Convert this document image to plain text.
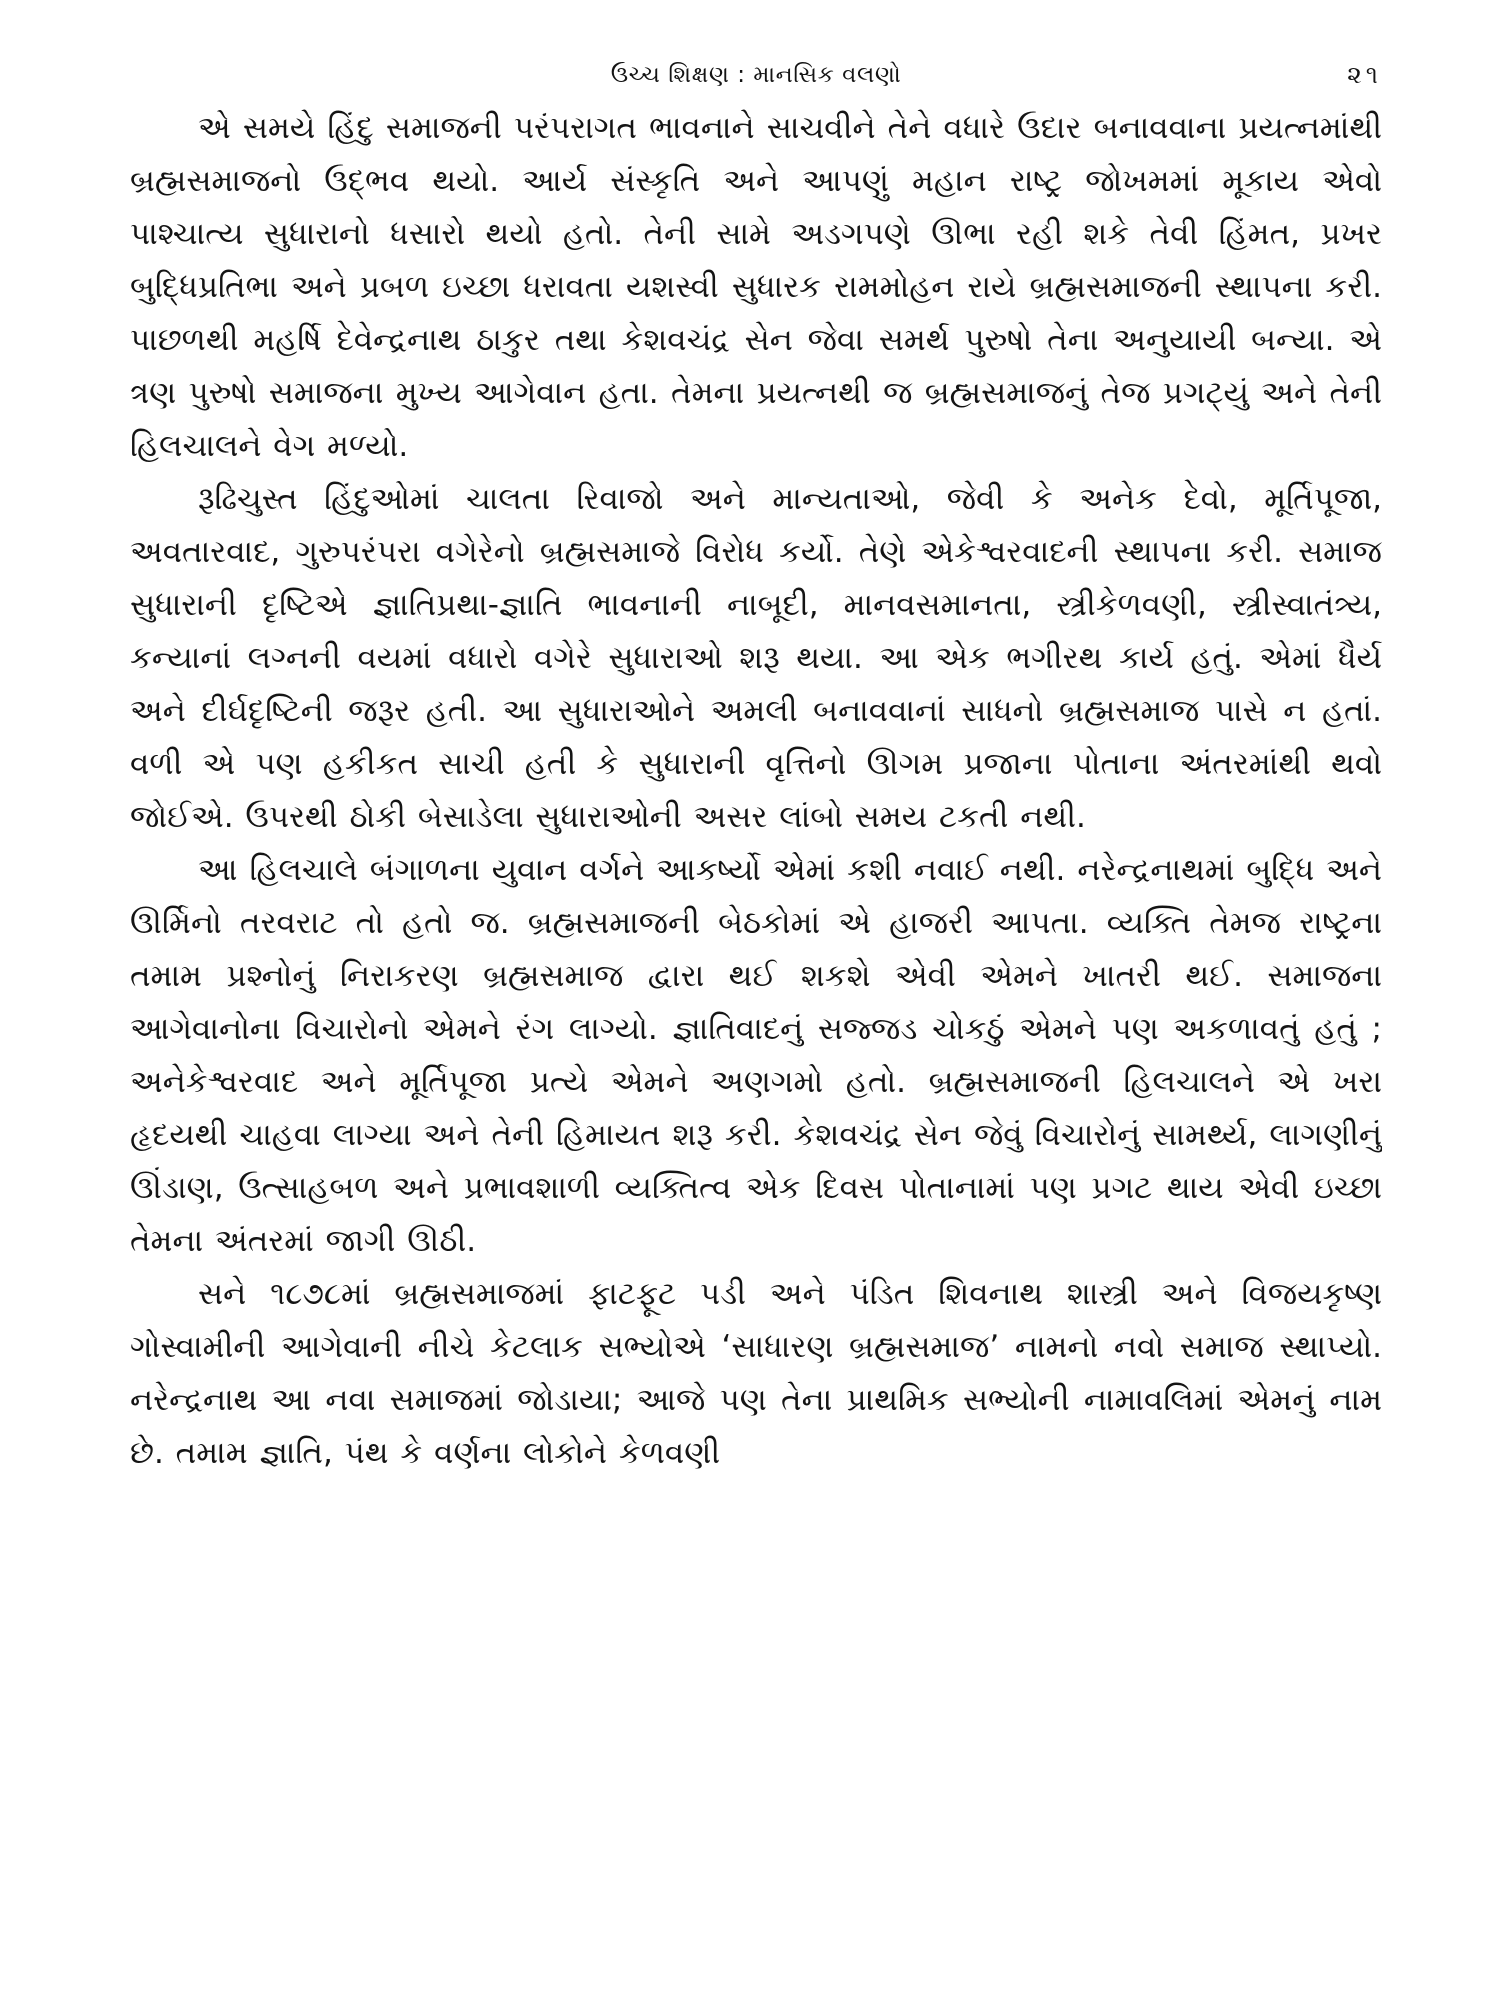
ઉચ્ચ શિક્ષણ : માનસિક વલણો	૨૧

એ સમયે હિંદુ સમાજની પરંપરાગત ભાવનાને સાચવીને તેને વધારે ઉદાર બનાવવાના પ્રયત્નમાંથી બ્રહ્મસમાજનો ઉદ્ભવ થયો. આર્ય સંસ્કૃતિ અને આપણું મહાન રાષ્ટ્ર જોખમમાં મૂકાય એવો પાશ્ચાત્ય સુધારાનો ધસારો થયો હતો. તેની સામે અડગપણે ઊભા રહી શકે તેવી હિંમત, પ્રખર બુદ્ધિપ્રતિભા અને પ્રબળ ઇચ્છા ધરાવતા યશસ્વી સુધારક રામમોહન રાયે બ્રહ્મસમાજની સ્થાપના કરી. પાછળથી મહર્ષિ દેવેન્દ્રનાથ ઠાકુર તથા કેશવચંદ્ર સેન જેવા સમર્થ પુરુષો તેના અનુયાયી બન્યા. એ ત્રણ પુરુષો સમાજના મુખ્ય આગેવાન હતા. તેમના પ્રયત્નથી જ બ્રહ્મસમાજનું તેજ પ્રગટ્યું અને તેની હિલચાલને વેગ મળ્યો.

રૂઢિચુસ્ત હિંદુઓમાં ચાલતા રિવાજો અને માન્યતાઓ, જેવી કે અનેક દેવો, મૂર્તિપૂજા, અવતારવાદ, ગુરુપરંપરા વગેરેનો બ્રહ્મસમાજે વિરોધ કર્યો. તેણે એકેશ્વરવાદની સ્થાપના કરી. સમાજ સુધારાની દૃષ્ટિએ જ્ઞાતિપ્રથા-જ્ઞાતિ ભાવનાની નાબૂદી, માનવસમાનતા, સ્ત્રીકેળવણી, સ્ત્રીસ્વાતંત્ર્ય, કન્યાનાં લગ્નની વયમાં વધારો વગેરે સુધારાઓ શરૂ થયા. આ એક ભગીરથ કાર્ય હતું. એમાં ધૈર્ય અને દીર્ઘદૃષ્ટિની જરૂર હતી. આ સુધારાઓને અમલી બનાવવાનાં સાધનો બ્રહ્મસમાજ પાસે ન હતાં. વળી એ પણ હકીકત સાચી હતી કે સુધારાની વૃત્તિનો ઊગમ પ્રજાના પોતાના અંતરમાંથી થવો જોઈએ. ઉપરથી ઠોકી બેસાડેલા સુધારાઓની અસર લાંબો સમય ટકતી નથી.

આ હિલચાલે બંગાળના યુવાન વર્ગને આકર્ષ્યો એમાં કશી નવાઈ નથી. નરેન્દ્રનાથમાં બુદ્ધિ અને ઊર્મિનો તરવરાટ તો હતો જ. બ્રહ્મસમાજની બેઠકોમાં એ હાજરી આપતા. વ્યક્તિ તેમજ રાષ્ટ્રના તમામ પ્રશ્નોનું નિરાકરણ બ્રહ્મસમાજ દ્વારા થઈ શકશે એવી એમને ખાતરી થઈ. સમાજના આગેવાનોના વિચારોનો એમને રંગ લાગ્યો. જ્ઞાતિવાદનું સજ્જડ ચોકઠું એમને પણ અકળાવતું હતું ; અનેકેશ્વરવાદ અને મૂર્તિપૂજા પ્રત્યે એમને અણગમો હતો. બ્રહ્મસમાજની હિલચાલને એ ખરા હૃદયથી ચાહવા લાગ્યા અને તેની હિમાયત શરૂ કરી. કેશવચંદ્ર સેન જેવું વિચારોનું સામર્થ્ય, લાગણીનું ઊંડાણ, ઉત્સાહબળ અને પ્રભાવશાળી વ્યક્તિત્વ એક દિવસ પોતાનામાં પણ પ્રગટ થાય એવી ઇચ્છા તેમના અંતરમાં જાગી ઊઠી.

સને ૧૮૭૮માં બ્રહ્મસમાજમાં ફાટફૂટ પડી અને પંડિત શિવનાથ શાસ્ત્રી અને વિજયકૃષ્ણ ગોસ્વામીની આગેવાની નીચે કેટલાક સભ્યોએ ‘સાધારણ બ્રહ્મસમાજ’ નામનો નવો સમાજ સ્થાપ્યો. નરેન્દ્રનાથ આ નવા સમાજમાં જોડાયા; આજે પણ તેના પ્રાથમિક સભ્યોની નામાવલિમાં એમનું નામ છે. તમામ જ્ઞાતિ, પંથ કે વર્ણના લોકોને કેળવણી
